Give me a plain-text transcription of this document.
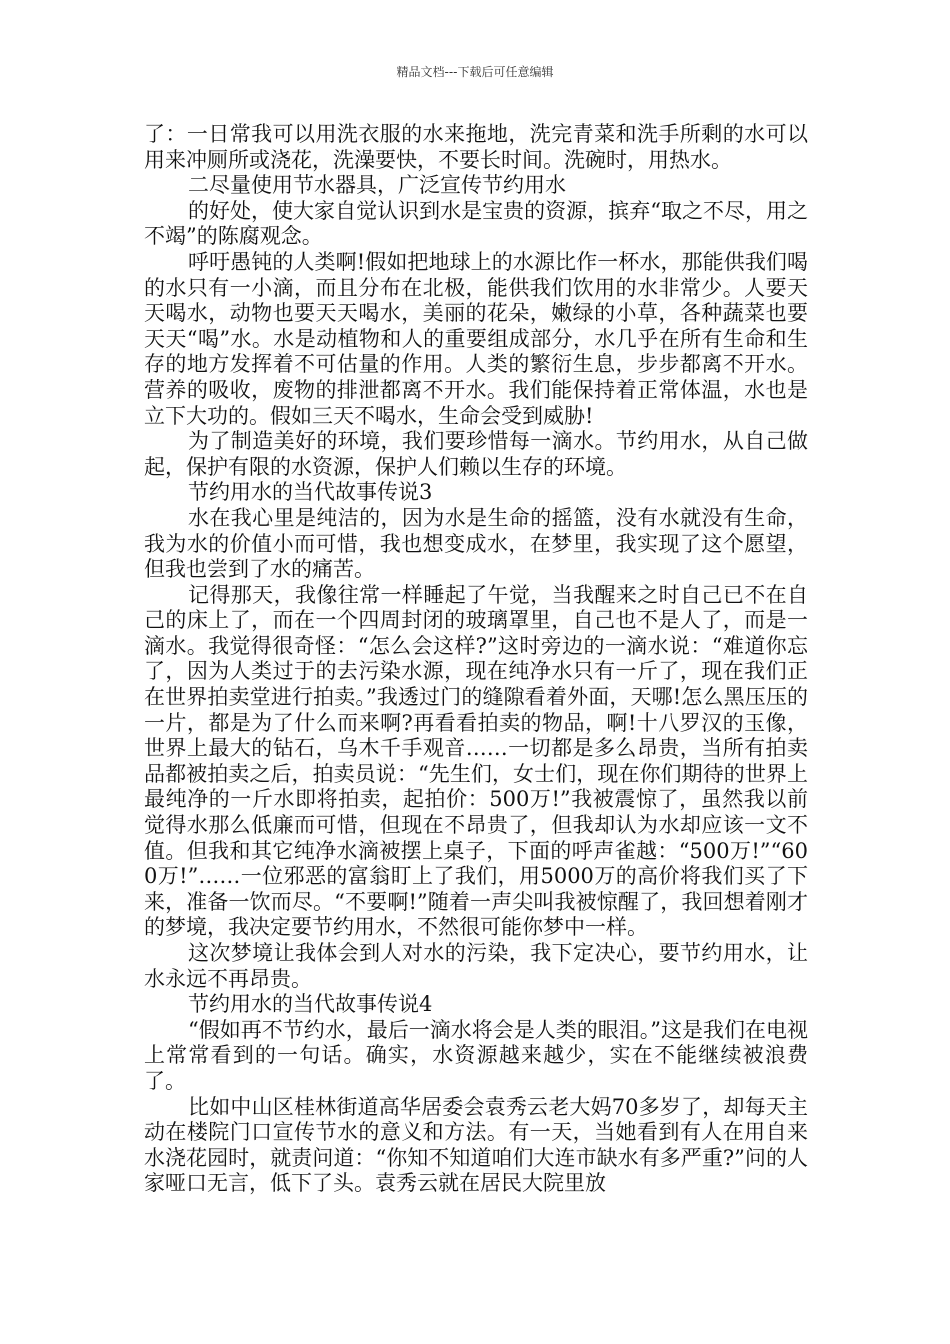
精品文档---下载后可任意编辑

了：一日常我可以用洗衣服的水来拖地，洗完青菜和洗手所剩的水可以用来冲厕所或浇花，洗澡要快，不要长时间。洗碗时，用热水。

二尽量使用节水器具，广泛宣传节约用水

的好处，使大家自觉认识到水是宝贵的资源，摈弃“取之不尽，用之不竭”的陈腐观念。

呼吁愚钝的人类啊!假如把地球上的水源比作一杯水，那能供我们喝的水只有一小滴，而且分布在北极，能供我们饮用的水非常少。人要天天喝水，动物也要天天喝水，美丽的花朵，嫩绿的小草，各种蔬菜也要天天“喝”水。水是动植物和人的重要组成部分，水几乎在所有生命和生存的地方发挥着不可估量的作用。人类的繁衍生息，步步都离不开水。营养的吸收，废物的排泄都离不开水。我们能保持着正常体温，水也是立下大功的。假如三天不喝水，生命会受到威胁!

为了制造美好的环境，我们要珍惜每一滴水。节约用水，从自己做起，保护有限的水资源，保护人们赖以生存的环境。

节约用水的当代故事传说3

水在我心里是纯洁的，因为水是生命的摇篮，没有水就没有生命，我为水的价值小而可惜，我也想变成水，在梦里，我实现了这个愿望，但我也尝到了水的痛苦。

记得那天，我像往常一样睡起了午觉，当我醒来之时自己已不在自己的床上了，而在一个四周封闭的玻璃罩里，自己也不是人了，而是一滴水。我觉得很奇怪：“怎么会这样?”这时旁边的一滴水说：“难道你忘了，因为人类过于的去污染水源，现在纯净水只有一斤了，现在我们正在世界拍卖堂进行拍卖。”我透过门的缝隙看着外面，天哪!怎么黑压压的一片，都是为了什么而来啊?再看看拍卖的物品，啊!十八罗汉的玉像，世界上最大的钻石，乌木千手观音……一切都是多么昂贵，当所有拍卖品都被拍卖之后，拍卖员说：“先生们，女士们，现在你们期待的世界上最纯净的一斤水即将拍卖，起拍价：500万!”我被震惊了，虽然我以前觉得水那么低廉而可惜，但现在不昂贵了，但我却认为水却应该一文不值。但我和其它纯净水滴被摆上桌子，下面的呼声雀越：“500万!”“600万!”……一位邪恶的富翁盯上了我们，用5000万的高价将我们买了下来，准备一饮而尽。“不要啊!”随着一声尖叫我被惊醒了，我回想着刚才的梦境，我决定要节约用水，不然很可能你梦中一样。

这次梦境让我体会到人对水的污染，我下定决心，要节约用水，让水永远不再昂贵。

节约用水的当代故事传说4

“假如再不节约水，最后一滴水将会是人类的眼泪。”这是我们在电视上常常看到的一句话。确实，水资源越来越少，实在不能继续被浪费了。

比如中山区桂林街道高华居委会袁秀云老大妈70多岁了，却每天主动在楼院门口宣传节水的意义和方法。有一天，当她看到有人在用自来水浇花园时，就责问道：“你知不知道咱们大连市缺水有多严重?”问的人家哑口无言，低下了头。袁秀云就在居民大院里放
